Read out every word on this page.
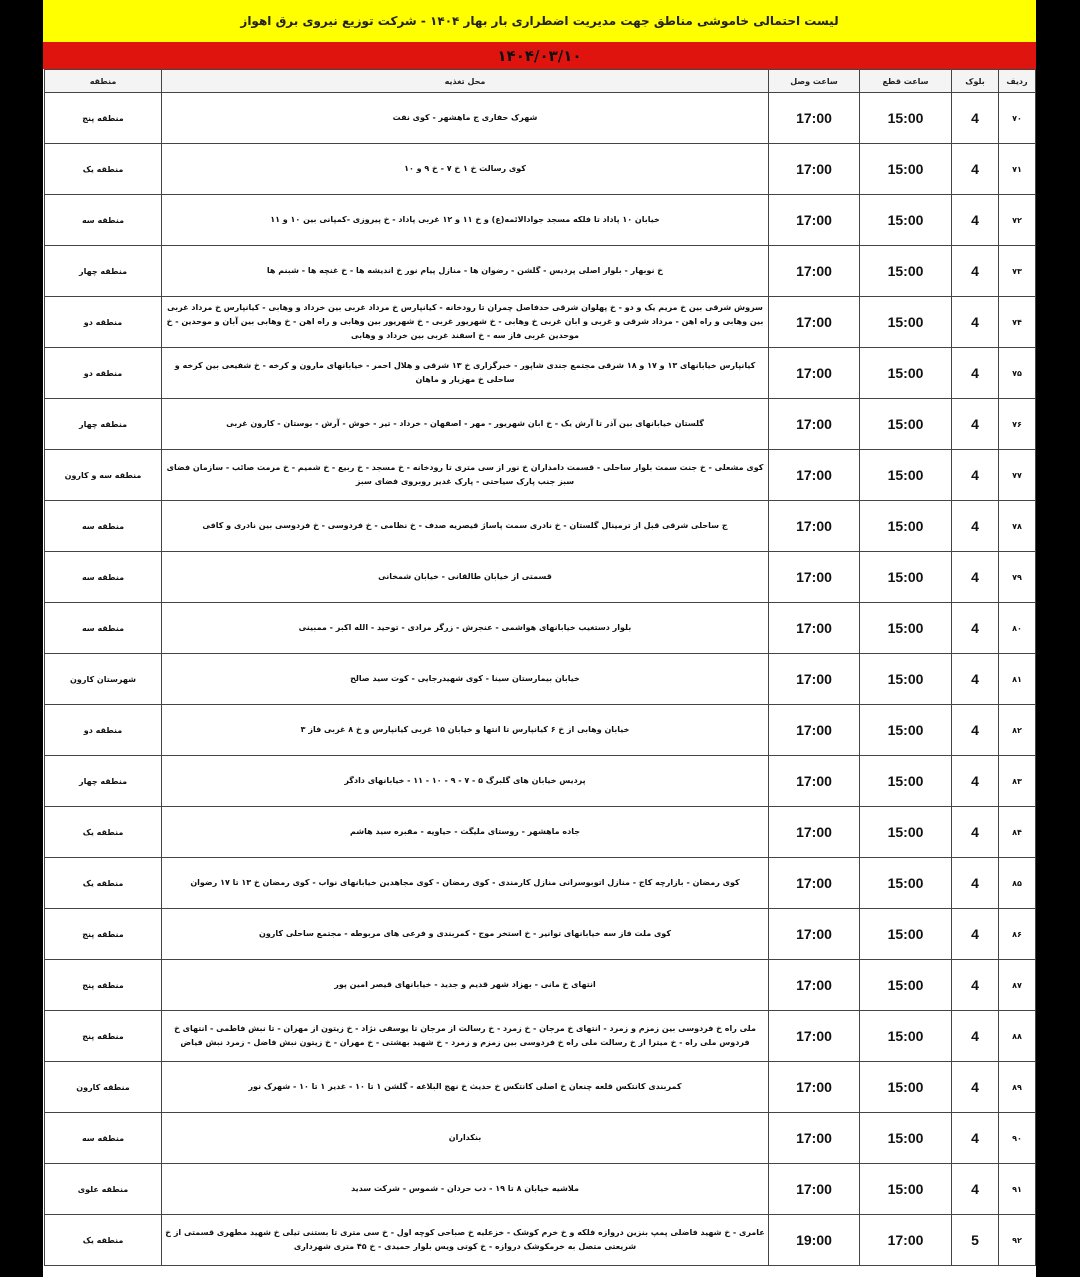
لیست احتمالی خاموشی مناطق جهت مدیریت اضطراری بار بهار ۱۴۰۴ - شرکت توزیع نیروی برق اهواز
۱۴۰۴/۰۳/۱۰
ردیف	بلوک	ساعت قطع	ساعت وصل	محل تغذیه	منطقه
۷۰	4	15:00	17:00	شهرک حفاری ج ماهشهر - کوی نفت	منطقه پنج
۷۱	4	15:00	17:00	کوی رسالت خ ۱ خ ۷ - خ ۹ و ۱۰	منطقه یک
۷۲	4	15:00	17:00	خیابان ۱۰ پاداد تا فلکه مسجد جوادالائمه(ع) و خ ۱۱ و ۱۲ غربی پاداد - خ پیروزی -کمپانی بین ۱۰ و ۱۱	منطقه سه
۷۳	4	15:00	17:00	خ نوبهار - بلوار اصلی پردیس - گلشن - رضوان ها - منازل پیام نور خ اندیشه ها - خ غنچه ها - شبنم ها	منطقه چهار
۷۴	4	15:00	17:00	سروش شرقی بین خ مریم یک و دو - خ پهلوان شرقی حدفاصل چمران تا رودخانه - کیانپارس خ مرداد غربی بین خرداد و وهابی - کیانپارس خ مرداد غربی بین وهابی و راه اهن - مرداد شرقی و غربی و ابان غربی خ وهابی - خ شهریور غربی - خ شهریور بین وهابی و راه اهن - خ وهابی بین آبان و موحدین - خ موحدین غربی فاز سه - خ اسفند غربی بین خرداد و وهابی	منطقه دو
۷۵	4	15:00	17:00	کیانپارس خیابانهای ۱۳ و ۱۷ و ۱۸ شرقی مجتمع جندی شاپور - خبرگزاری خ ۱۳ شرقی و هلال احمر - خیابانهای مارون و کرخه - خ شفیعی بین کرخه و ساحلی خ مهزیار و ماهان	منطقه دو
۷۶	4	15:00	17:00	گلستان خیابانهای بین آذر تا آرش یک - خ ابان شهریور - مهر - اصفهان - خرداد - تیر - خوش - آرش - بوستان - کارون غربی	منطقه چهار
۷۷	4	15:00	17:00	کوی مشعلی - خ جنت سمت بلوار ساحلی - قسمت دامداران خ نور از سی متری تا رودخانه - خ مسجد - خ ربیع - خ شمیم - خ مرمت صائب - سازمان فضای سبز جنب پارک سیاحتی - پارک غدیر روبروی فضای سبز	منطقه سه و کارون
۷۸	4	15:00	17:00	ج ساحلی شرقی قبل از ترمینال گلستان - خ نادری سمت پاساژ قیصریه صدف - خ نظامی - خ فردوسی - خ فردوسی بین نادری و کافی	منطقه سه
۷۹	4	15:00	17:00	قسمتی از خیابان طالقانی - خیابان شمخانی	منطقه سه
۸۰	4	15:00	17:00	بلوار دستغیب خیابانهای هواشمی - عنجرش - زرگر مرادی - توحید - الله اکبر - ممبینی	منطقه سه
۸۱	4	15:00	17:00	خیابان بیمارستان سینا - کوی شهیدرجایی - کوت سید صالح	شهرستان کارون
۸۲	4	15:00	17:00	خیابان وهابی از خ ۶ کیانپارس تا انتها و خیابان ۱۵ غربی کیانپارس و خ ۸ غربی فاز ۳	منطقه دو
۸۳	4	15:00	17:00	پردیس خیابان های گلبرگ ۵ - ۷ - ۹ - ۱۰ - ۱۱ - خیابانهای دادگر	منطقه چهار
۸۴	4	15:00	17:00	جاده ماهشهر - روستای ملیگت - حیاویه - مقبره سید هاشم	منطقه یک
۸۵	4	15:00	17:00	کوی رمضان - بازارچه کاج - منازل اتوبوسرانی منازل کارمندی - کوی رمضان - کوی مجاهدین خیابانهای نواب - کوی رمضان خ ۱۳ تا ۱۷ رضوان	منطقه یک
۸۶	4	15:00	17:00	کوی ملت فاز سه خیابانهای توانیر - خ استخر موج - کمربندی و فرعی های مربوطه - مجتمع ساحلی کارون	منطقه پنج
۸۷	4	15:00	17:00	انتهای خ مانی - بهزاد شهر قدیم و جدید - خیابانهای قیصر امین پور	منطقه پنج
۸۸	4	15:00	17:00	ملی راه خ فردوسی بین زمزم و زمرد - انتهای خ مرجان - خ زمرد - خ رسالت از مرجان تا یوسفی نژاد - خ زیتون از مهران - تا نبش فاطمی - انتهای خ فردوس ملی راه - خ میترا از خ رسالت ملی راه خ فردوسی بین زمزم و زمرد - خ شهید بهشتی - خ مهران - خ زیتون نبش فاضل - زمرد نبش فیاض	منطقه پنج
۸۹	4	15:00	17:00	کمربندی کانتکس قلعه چنعان خ اصلی کانتکس خ حدیث خ نهج البلاغه - گلشن ۱ تا ۱۰ - غدیر ۱ تا ۱۰ - شهرک نور	منطقه کارون
۹۰	4	15:00	17:00	بنکداران	منطقه سه
۹۱	4	15:00	17:00	ملاشیه خیابان ۸ تا ۱۹ - دب حردان - شموس - شرکت سدید	منطقه علوی
۹۲	5	17:00	19:00	عامری - خ شهید فاضلی پمپ بنزین دروازه فلکه و خ خرم کوشک - خزعلیه خ صباحی کوچه اول - خ سی متری تا بستنی تیلی خ شهید مطهری قسمتی از خ شریعتی متصل به خرمکوشک دروازه - خ کوتی ویس بلوار حمیدی - خ ۴۵ متری شهرداری	منطقه یک
